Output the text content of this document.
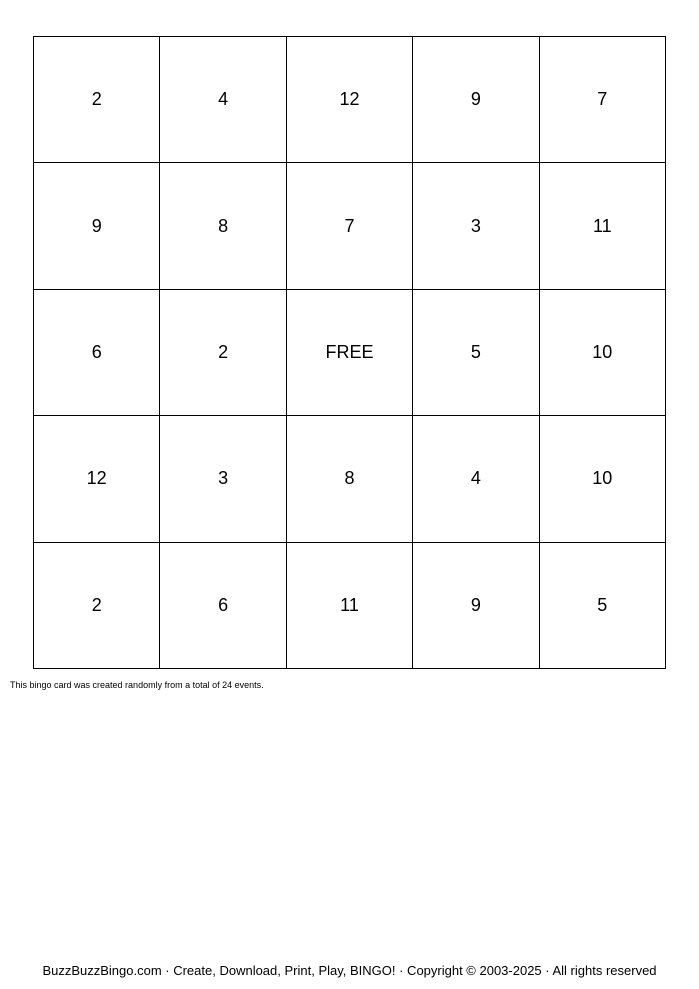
2	4	12	9	7
9	8	7	3	11
6	2	FREE	5	10
12	3	8	4	10
2	6	11	9	5
This bingo card was created randomly from a total of 24 events.
BuzzBuzzBingo.com · Create, Download, Print, Play, BINGO! · Copyright © 2003-2025 · All rights reserved
